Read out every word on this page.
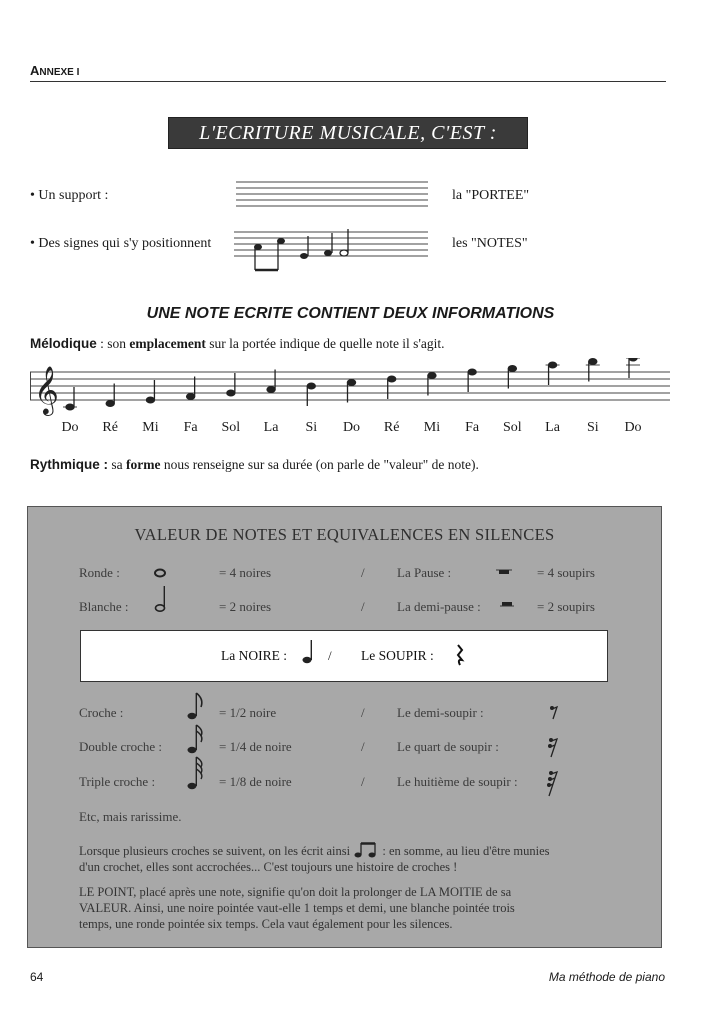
ANNEXE I
L'ECRITURE MUSICALE, C'EST :
• Un support :	la "PORTEE"
• Des signes qui s'y positionnent	les "NOTES"
UNE NOTE ECRITE CONTIENT DEUX INFORMATIONS
Mélodique : son emplacement sur la portée indique de quelle note il s'agit.
𝄞
Do Ré Mi Fa Sol La Si Do Ré Mi Fa Sol La Si Do
Rythmique : sa forme nous renseigne sur sa durée (on parle de "valeur" de note).
VALEUR DE NOTES ET EQUIVALENCES EN SILENCES
Ronde :	= 4 noires	/ La Pause :	= 4 soupirs
Blanche :	= 2 noires	/ La demi-pause :	= 2 soupirs
La NOIRE :	/ Le SOUPIR :
Croche :	= 1/2 noire	/ Le demi-soupir :
Double croche :	= 1/4 de noire	/ Le quart de soupir :
Triple croche :	= 1/8 de noire	/ Le huitième de soupir :
Etc, mais rarissime.
Lorsque plusieurs croches se suivent, on les écrit ainsi	: en somme, au lieu d'être munies
d'un crochet, elles sont accrochées... C'est toujours une histoire de croches !
LE POINT, placé après une note, signifie qu'on doit la prolonger de LA MOITIE de sa
VALEUR. Ainsi, une noire pointée vaut-elle 1 temps et demi, une blanche pointée trois
temps, une ronde pointée six temps. Cela vaut également pour les silences.
64	Ma méthode de piano
